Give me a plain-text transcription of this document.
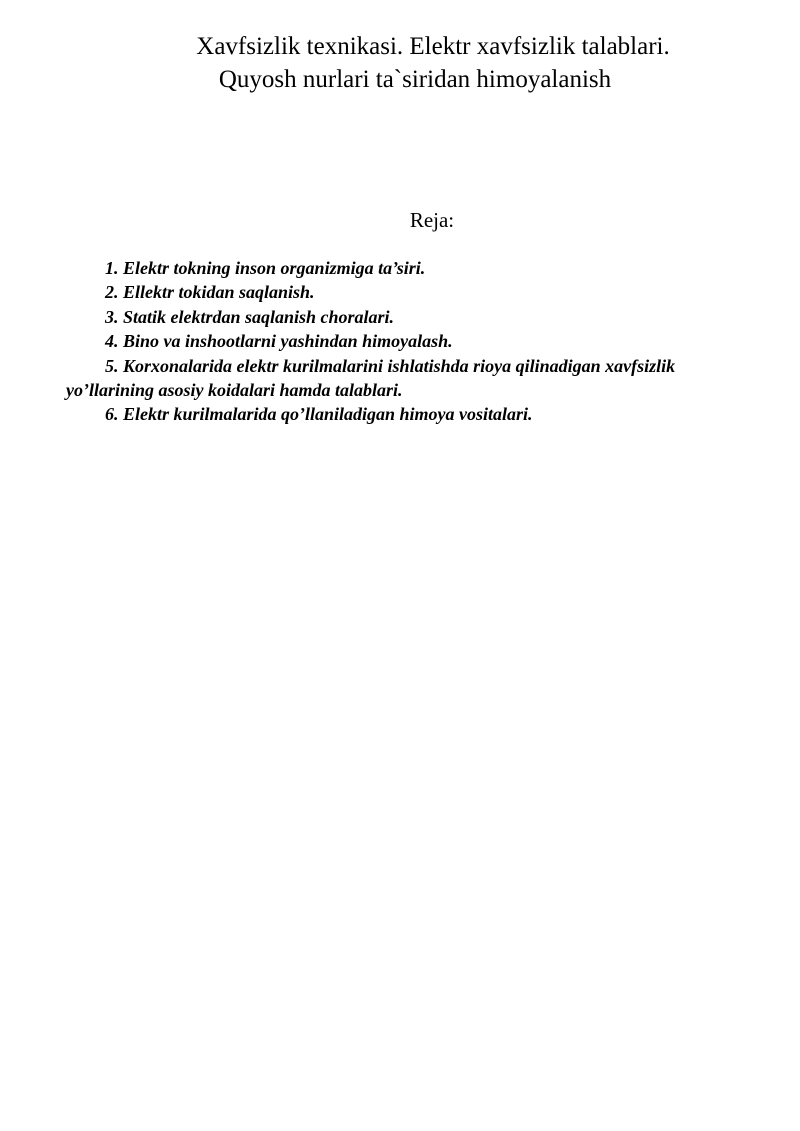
Xavfsizlik texnikasi. Elektr xavfsizlik talablari.
Quyosh nurlari ta`siridan himoyalanish
Reja:
1. Elektr tokning inson organizmiga ta’siri.
2. Ellektr tokidan saqlanish.
3. Statik elektrdan saqlanish choralari.
4. Bino va inshootlarni yashindan himoyalash.
5. Korxonalarida elektr kurilmalarini ishlatishda rioya qilinadigan xavfsizlik yo’llarining asosiy koidalari hamda talablari.
6. Elektr kurilmalarida qo’llaniladigan himoya vositalari.
